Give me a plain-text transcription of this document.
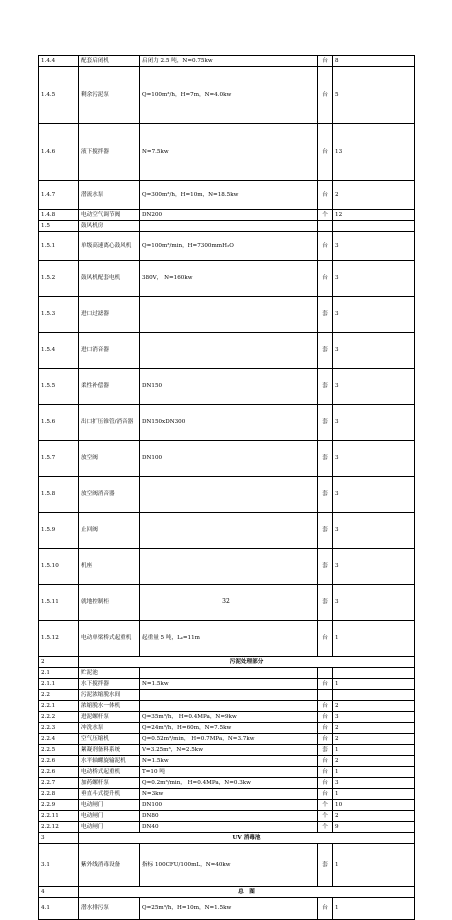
1.4.4	配套启闭机	启闭力 2.5 吨，N=0.75kw	台	8	
1.4.5	剩余污泥泵	Q=100m³/h，H=7m，N=4.0kw	台	5	
1.4.6	液下搅拌器	N=7.5kw	台	13	
1.4.7	潜流水泵	Q=300m³/h，H=10m，N=18.5kw	台	2	
1.4.8	电动空气调节阀	DN200	个	12	
1.5	鼓风机房				
1.5.1	单级高速离心鼓风机	Q=100m³/min，H=7300mmH₂O	台	3	
1.5.2	鼓风机配套电机	380V， N=160kw	台	3	
1.5.3	进口过滤器		套	3	
1.5.4	进口消音器		套	3	
1.5.5	柔性补偿器	DN150	套	3	
1.5.6	出口扩压锥管/消音器	DN150xDN300	套	3	
1.5.7	放空阀	DN100	套	3	
1.5.8	放空阀消音器		套	3	
1.5.9	止回阀		套	3	
1.5.10	机座		套	3	
1.5.11	就地控制柜		套	3	
1.5.12	电动单梁桥式起重机	起重量 5 吨，Lₖ=11m	台	1	
2	污泥处理部分				
2.1	贮泥池				
2.1.1	水下搅拌器	N=1.5kw	台	1	
2.2	污泥浓缩脱水间				
2.2.1	浓缩脱水一体机		台	2	
2.2.2	进泥螺杆泵	Q=35m³/h， H=0.4MPa，N=9kw	台	3	
2.2.3	冲洗水泵	Q=24m³/h，H=60m，N=7.5kw	台	2	
2.2.4	空气压缩机	Q=0.52m³/min， H=0.7MPa，N=3.7kw	台	2	
2.2.5	絮凝剂备料系统	V=3.25m³，N=2.5kw	套	1	
2.2.6	水平轴螺旋输泥机	N=1.5kw	台	2	
2.2.6	电动桥式起重机	T=10 吨	台	1	
2.2.7	加药螺杆泵	Q=0.2m³/min， H=0.4MPa，N=0.3kw	台	3	
2.2.8	垂直斗式提升机	N=3kw	台	1	
2.2.9	电动闸门	DN100	个	10	
2.2.11	电动闸门	DN80	个	2	
2.2.12	电动闸门	DN40	个	9	
3	UV 消毒池				
3.1	紫外线消毒设备	指标 100CFU/100mL，N=40kw	套	1	
4	总　图				
4.1	潜水排污泵	Q=25m³/h，H=10m，N=1.5kw	台	1	
32
